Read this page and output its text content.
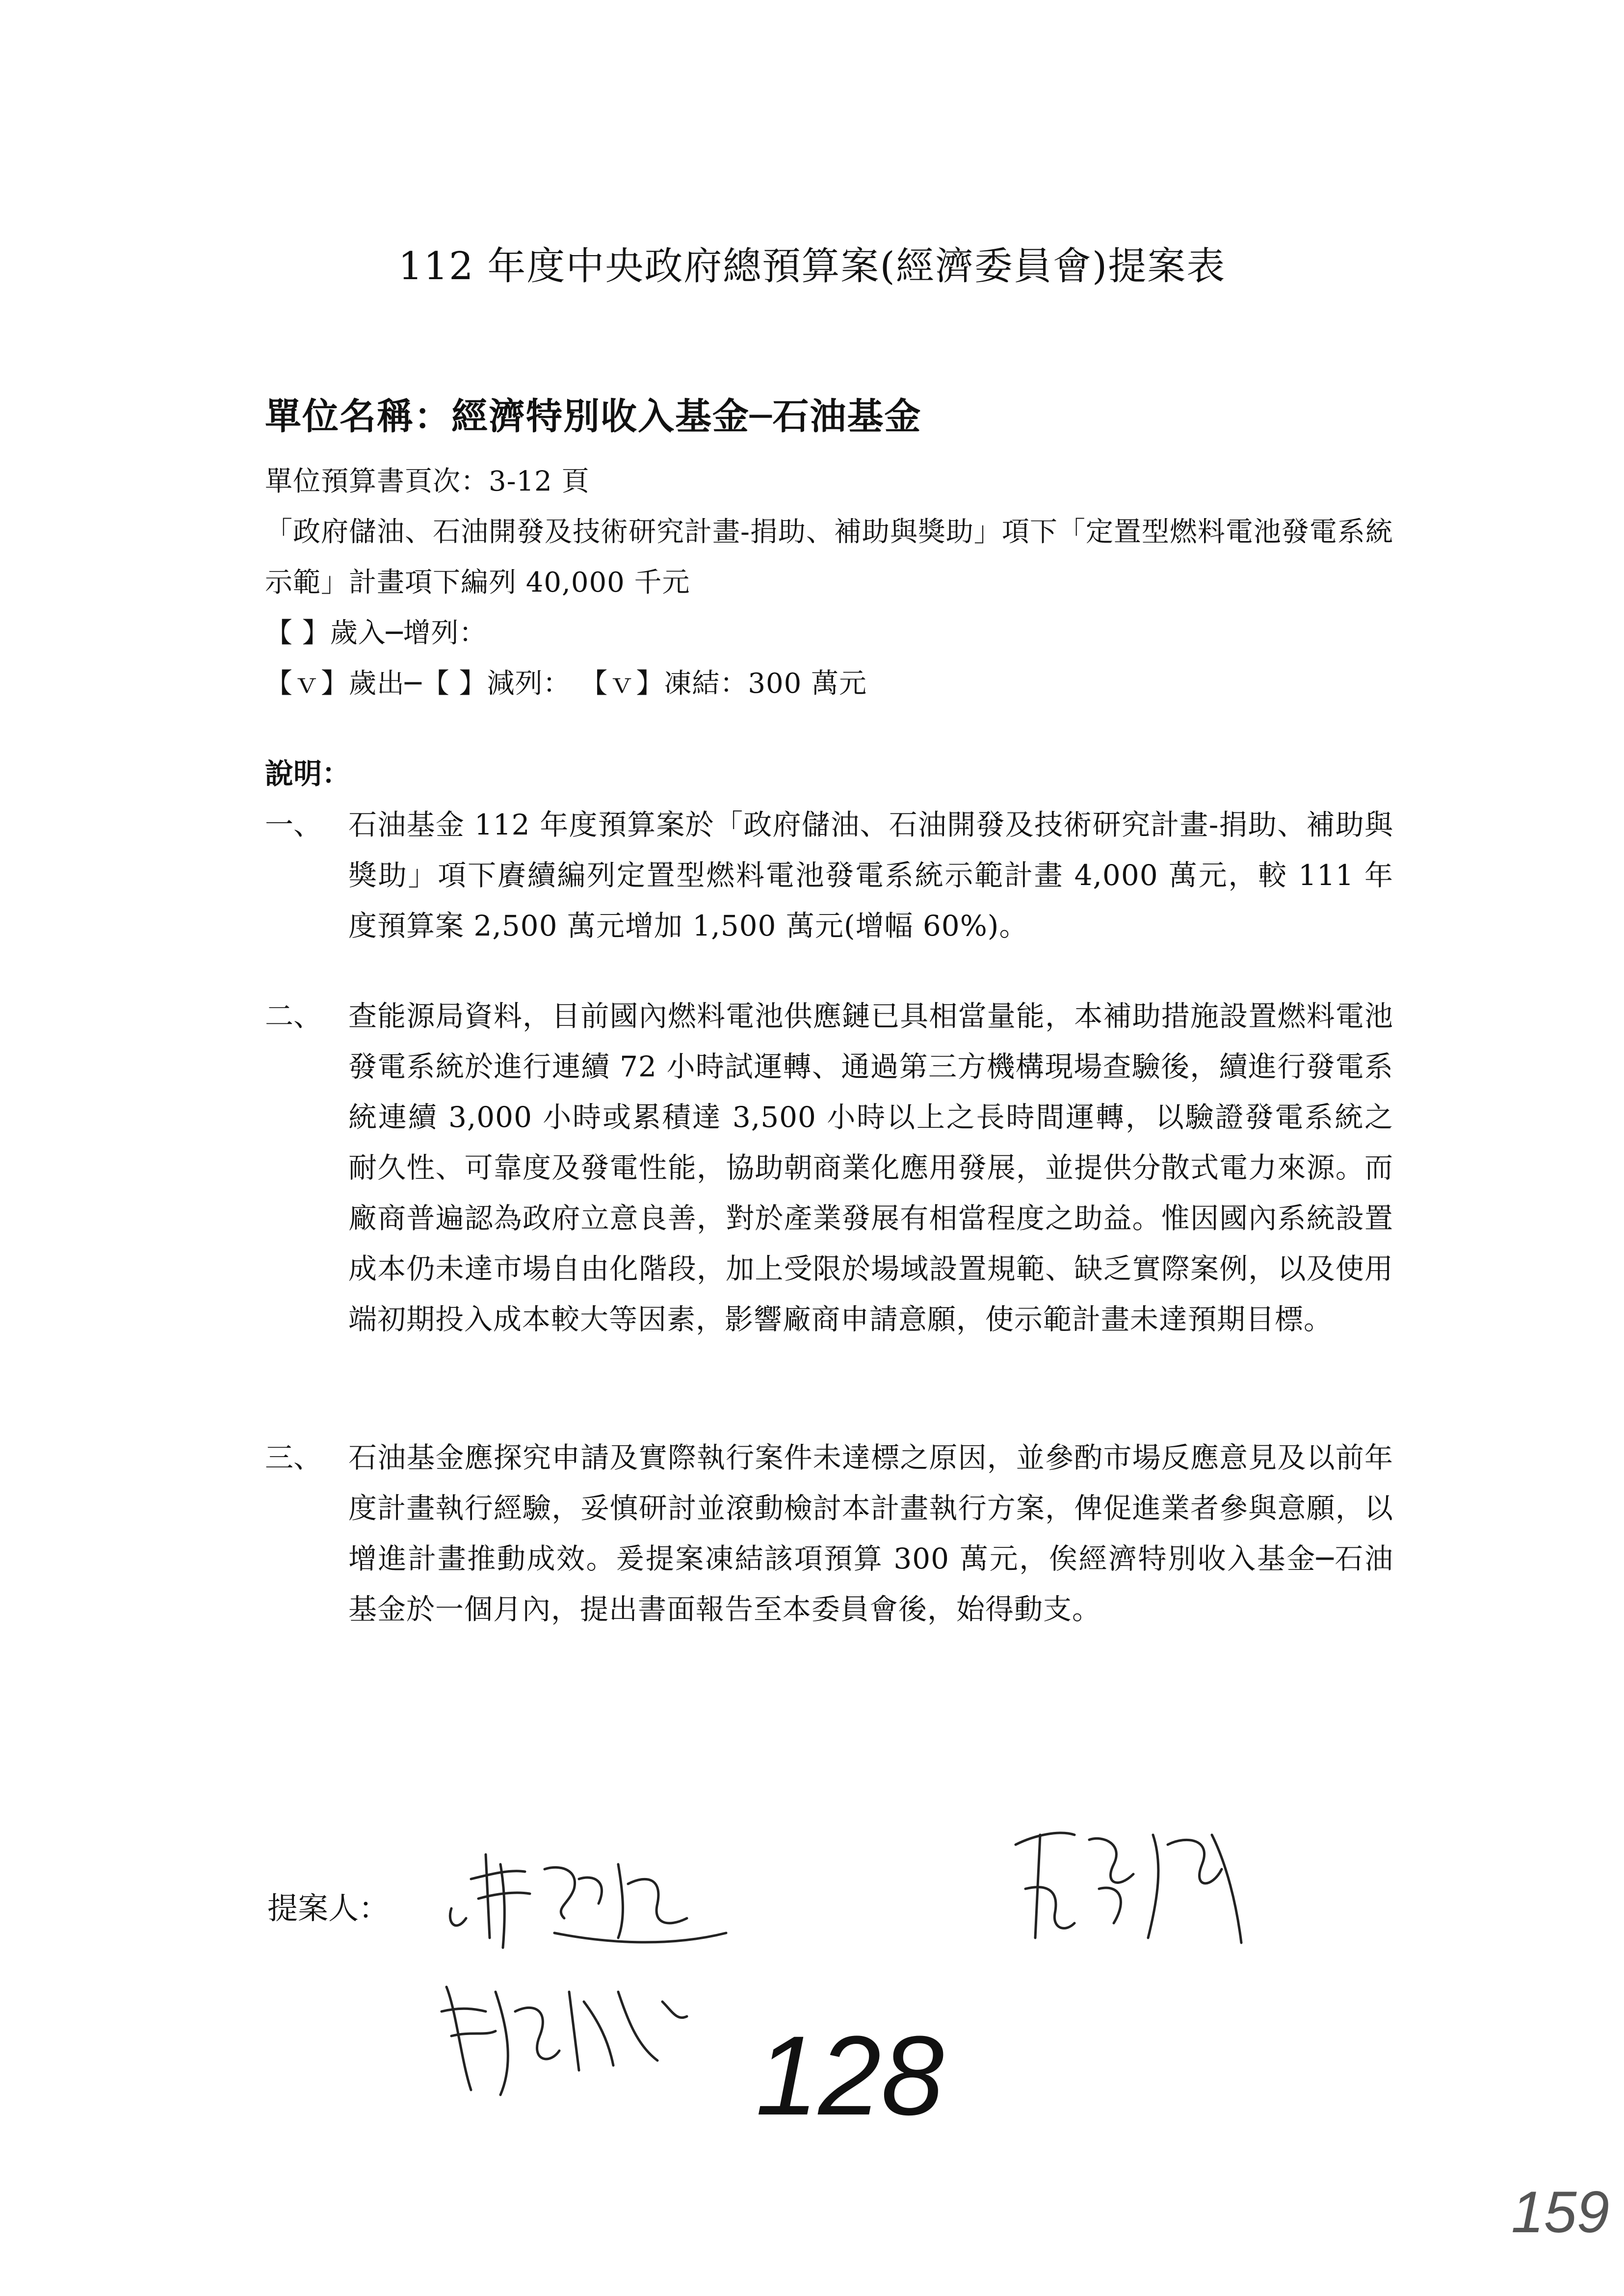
112 年度中央政府總預算案(經濟委員會)提案表
單位名稱：經濟特別收入基金─石油基金
單位預算書頁次：3-12 頁
「政府儲油、石油開發及技術研究計畫-捐助、補助與獎助」項下「定置型燃料電池發電系統示範」計畫項下編列 40,000 千元
【 】歲入─增列：
【ｖ】歲出─【 】減列： 【ｖ】凍結：300 萬元
說明：
一、 石油基金 112 年度預算案於「政府儲油、石油開發及技術研究計畫-捐助、補助與獎助」項下賡續編列定置型燃料電池發電系統示範計畫 4,000 萬元，較 111 年度預算案 2,500 萬元增加 1,500 萬元(增幅 60%)。
二、 查能源局資料，目前國內燃料電池供應鏈已具相當量能，本補助措施設置燃料電池發電系統於進行連續 72 小時試運轉、通過第三方機構現場查驗後，續進行發電系統連續 3,000 小時或累積達 3,500 小時以上之長時間運轉，以驗證發電系統之耐久性、可靠度及發電性能，協助朝商業化應用發展，並提供分散式電力來源。而廠商普遍認為政府立意良善，對於產業發展有相當程度之助益。惟因國內系統設置成本仍未達市場自由化階段，加上受限於場域設置規範、缺乏實際案例，以及使用端初期投入成本較大等因素，影響廠商申請意願，使示範計畫未達預期目標。
三、 石油基金應探究申請及實際執行案件未達標之原因，並參酌市場反應意見及以前年度計畫執行經驗，妥慎研討並滾動檢討本計畫執行方案，俾促進業者參與意願，以增進計畫推動成效。爰提案凍結該項預算 300 萬元，俟經濟特別收入基金─石油基金於一個月內，提出書面報告至本委員會後，始得動支。
提案人：
128
159
